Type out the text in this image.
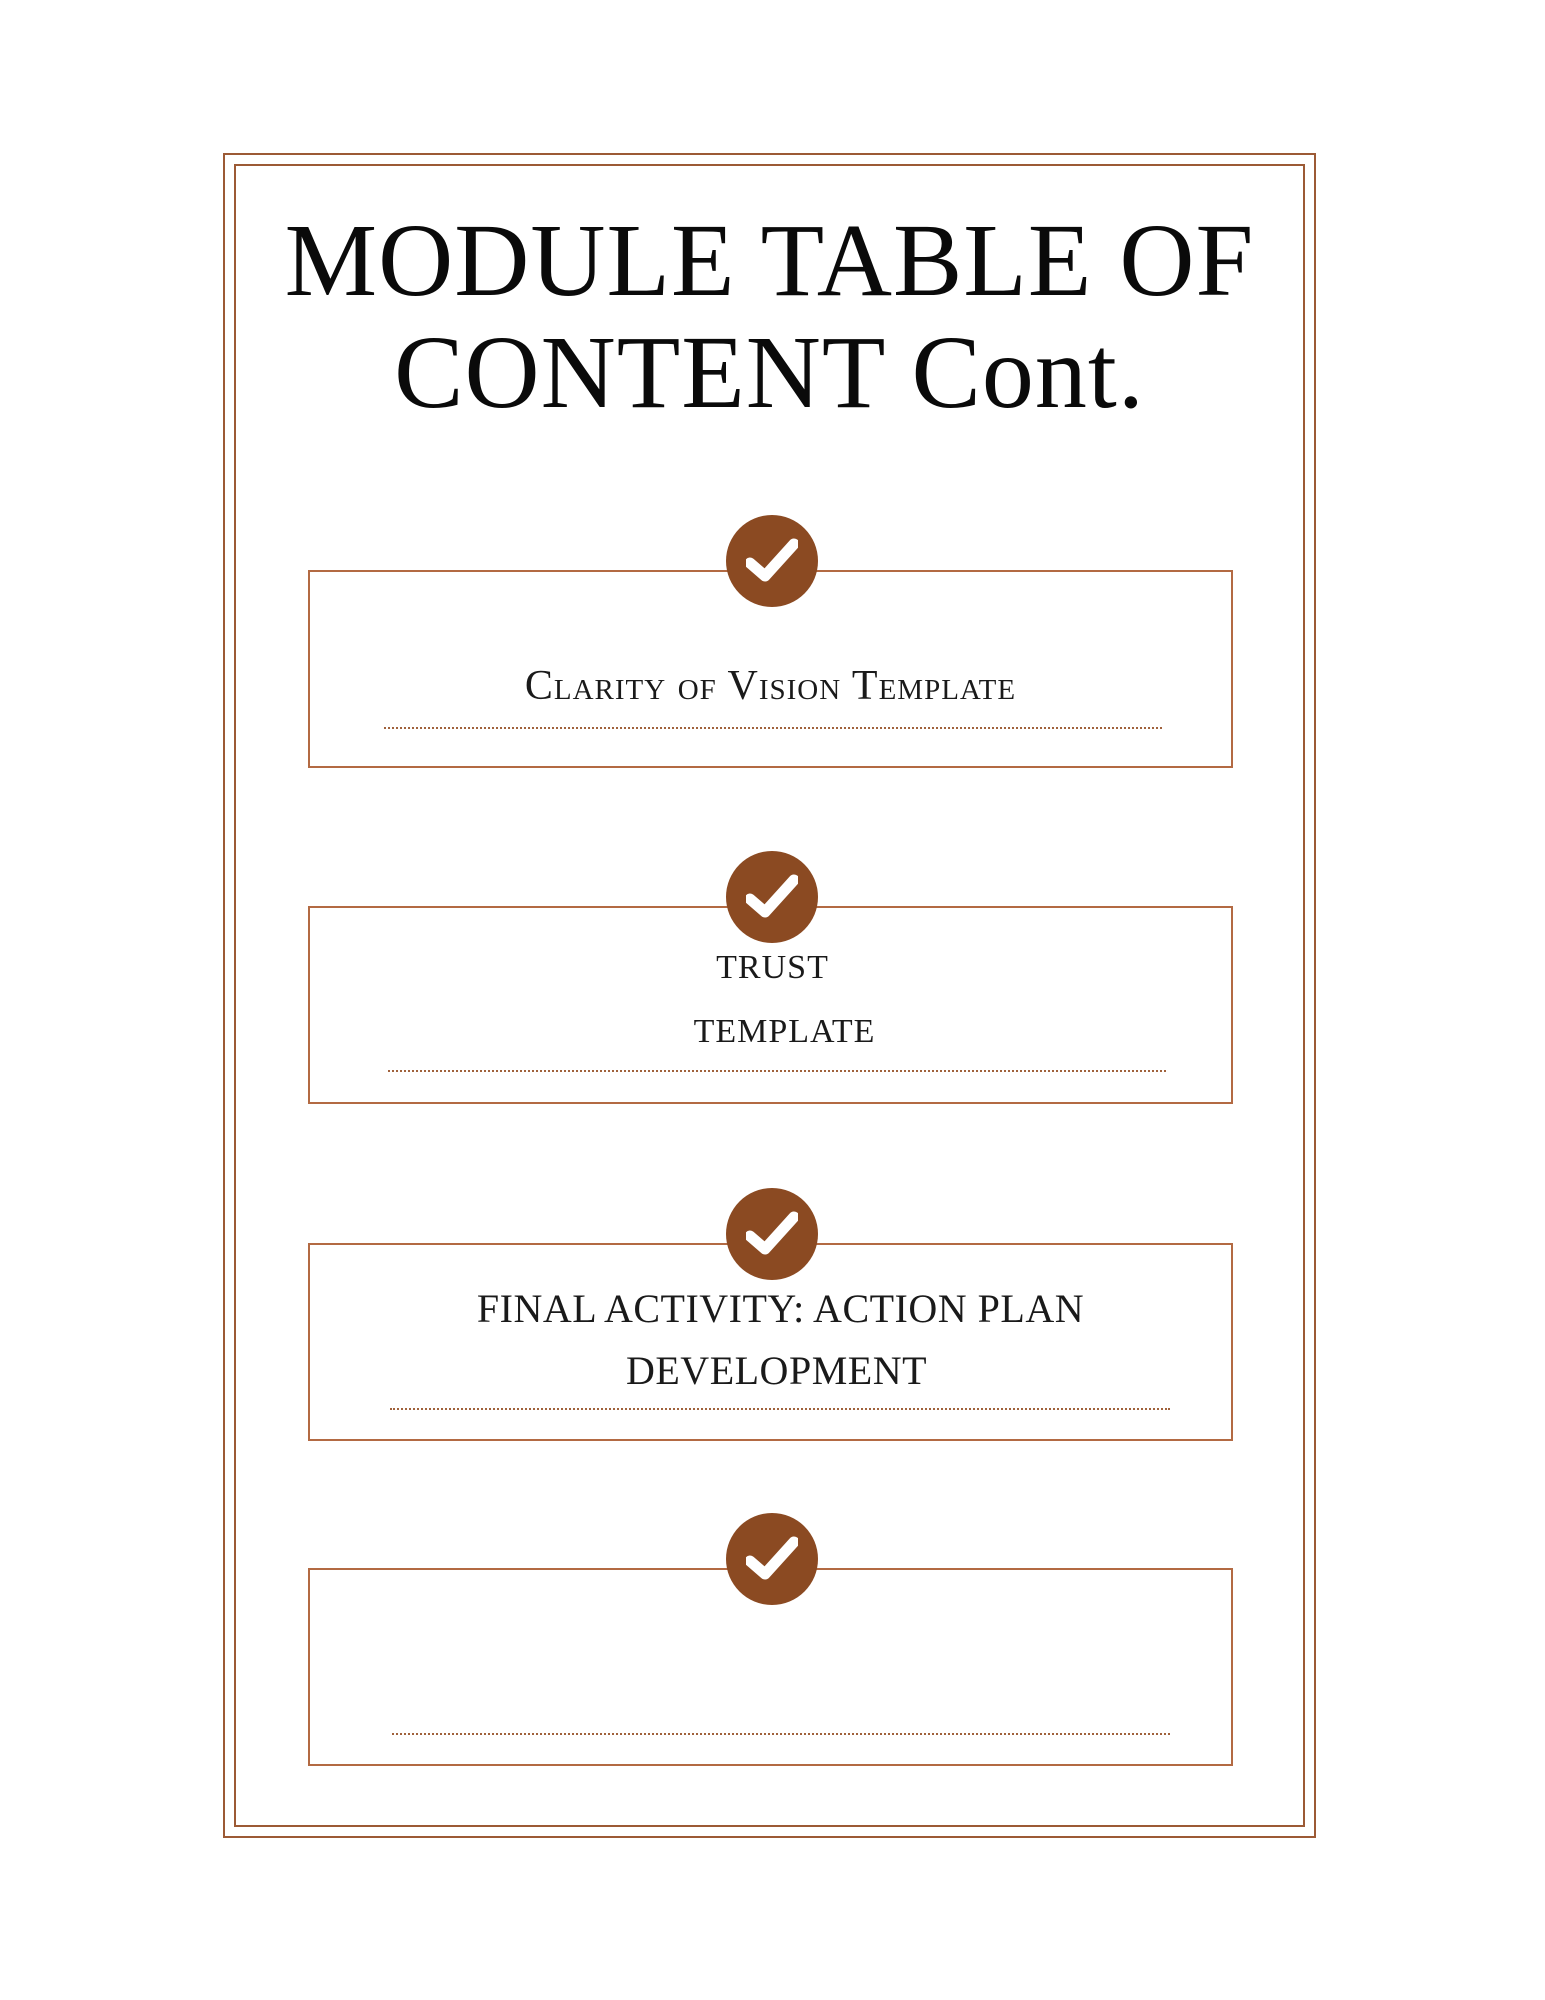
MODULE TABLE OF
CONTENT Cont.
Clarity of Vision Template
TRUST
TEMPLATE
FINAL ACTIVITY: ACTION PLAN
DEVELOPMENT
